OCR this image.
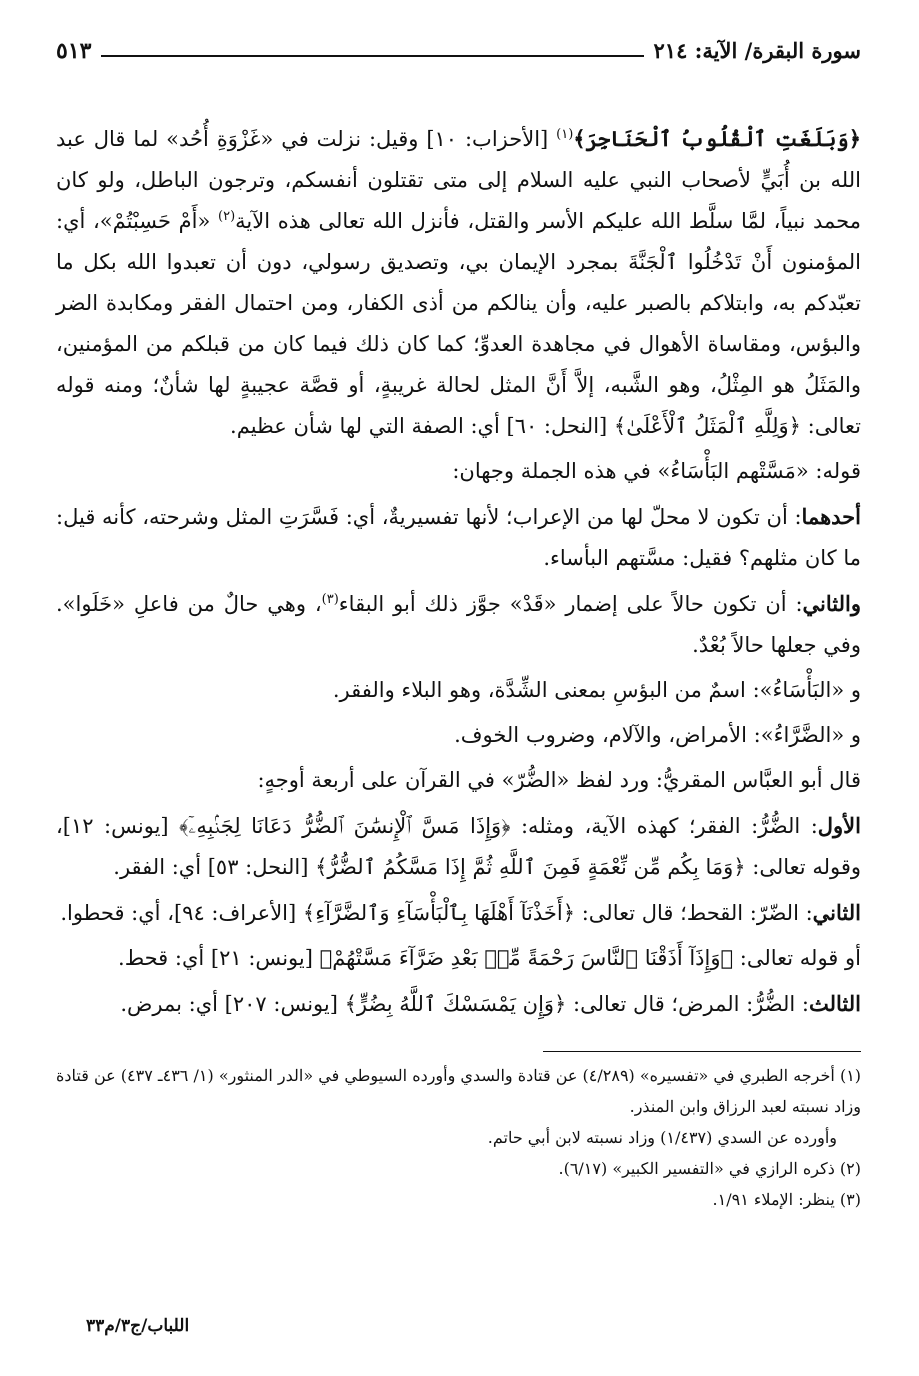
سورة البقرة/ الآية: ٢١٤
٥١٣

﴿وَبَلَغَتِ ٱلْقُلُوبُ ٱلْحَنَاجِرَ﴾$^{(١)}$ [الأحزاب: ١٠] وقيل: نزلت في «غَزْوَةِ أُحُد» لما قال عبد الله بن أُبَيٍّ لأصحاب النبي عليه السلام إلى متى تقتلون أنفسكم، وترجون الباطل، ولو كان محمد نبياً، لمَّا سلَّط الله عليكم الأسر والقتل، فأنزل الله تعالى هذه الآية$^{(٢)}$ «أَمْ حَسِبْتُمْ»، أي: المؤمنون أَنْ تَدْخُلُوا ٱلْجَنَّةَ بمجرد الإيمان بي، وتصديق رسولي، دون أن تعبدوا الله بكل ما تعبّدكم به، وابتلاكم بالصبر عليه، وأن ينالكم من أذى الكفار، ومن احتمال الفقر ومكابدة الضر والبؤس، ومقاساة الأهوال في مجاهدة العدوِّ؛ كما كان ذلك فيما كان من قبلكم من المؤمنين، والمَثَلُ هو المِثْلُ، وهو الشَّبه، إلاَّ أَنَّ المثل لحالة غريبةٍ، أو قصَّة عجيبةٍ لها شأنٌ؛ ومنه قوله تعالى: ﴿وَلِلَّهِ ٱلْمَثَلُ ٱلْأَعْلَىٰ﴾ [النحل: ٦٠] أي: الصفة التي لها شأن عظيم.

قوله: «مَسَّتْهم البَأْسَاءُ» في هذه الجملة وجهان:

أحدهما: أن تكون لا محلّ لها من الإعراب؛ لأنها تفسيريةٌ، أي: فَسَّرَتِ المثل وشرحته، كأنه قيل: ما كان مثلهم؟ فقيل: مسَّتهم البأساء.

والثاني: أن تكون حالاً على إضمار «قَدْ» جوَّز ذلك أبو البقاء$^{(٣)}$، وهي حالٌ من فاعلِ «خَلَوا». وفي جعلها حالاً بُعْدٌ.

و «البَأْسَاءُ»: اسمٌ من البؤسِ بمعنى الشِّدَّة، وهو البلاء والفقر.

و «الضَّرَّاءُ»: الأمراض، والآلام، وضروب الخوف.

قال أبو العبَّاس المقريُّ: ورد لفظ «الضُّرّ» في القرآن على أربعة أوجهٍ:

الأول: الضُّرُّ: الفقر؛ كهذه الآية، ومثله: ﴿وَإِذَا مَسَّ ٱلْإِنسَٰنَ ٱلضُّرُّ دَعَانَا لِجَنۢبِهِۦٓ﴾ [يونس: ١٢]، وقوله تعالى: ﴿وَمَا بِكُم مِّن نِّعْمَةٍ فَمِنَ ٱللَّهِ ثُمَّ إِذَا مَسَّكُمُ ٱلضُّرُّ﴾ [النحل: ٥٣] أي: الفقر.

الثاني: الضّرّ: القحط؛ قال تعالى: ﴿أَخَذْنَآ أَهْلَهَا بِٱلْبَأْسَآءِ وَٱلضَّرَّآءِ﴾ [الأعراف: ٩٤]، أي: قحطوا.

أو قوله تعالى: ﴿وَإِذَآ أَذَقْنَا ٱلنَّاسَ رَحْمَةً مِّنۢ بَعْدِ ضَرَّآءَ مَسَّتْهُمْ﴾ [يونس: ٢١] أي: قحط.

الثالث: الضُّرُّ: المرض؛ قال تعالى: ﴿وَإِن يَمْسَسْكَ ٱللَّهُ بِضُرٍّ﴾ [يونس: ٢٠٧] أي: بمرض.

(١) أخرجه الطبري في «تفسيره» (٤/٢٨٩) عن قتادة والسدي وأورده السيوطي في «الدر المنثور» (١/ ٤٣٦ـ ٤٣٧) عن قتادة وزاد نسبته لعبد الرزاق وابن المنذر.

وأورده عن السدي (١/٤٣٧) وزاد نسبته لابن أبي حاتم.

(٢) ذكره الرازي في «التفسير الكبير» (٦/١٧).

(٣) ينظر: الإملاء ١/٩١.

اللباب/ج٣/م٣٣
